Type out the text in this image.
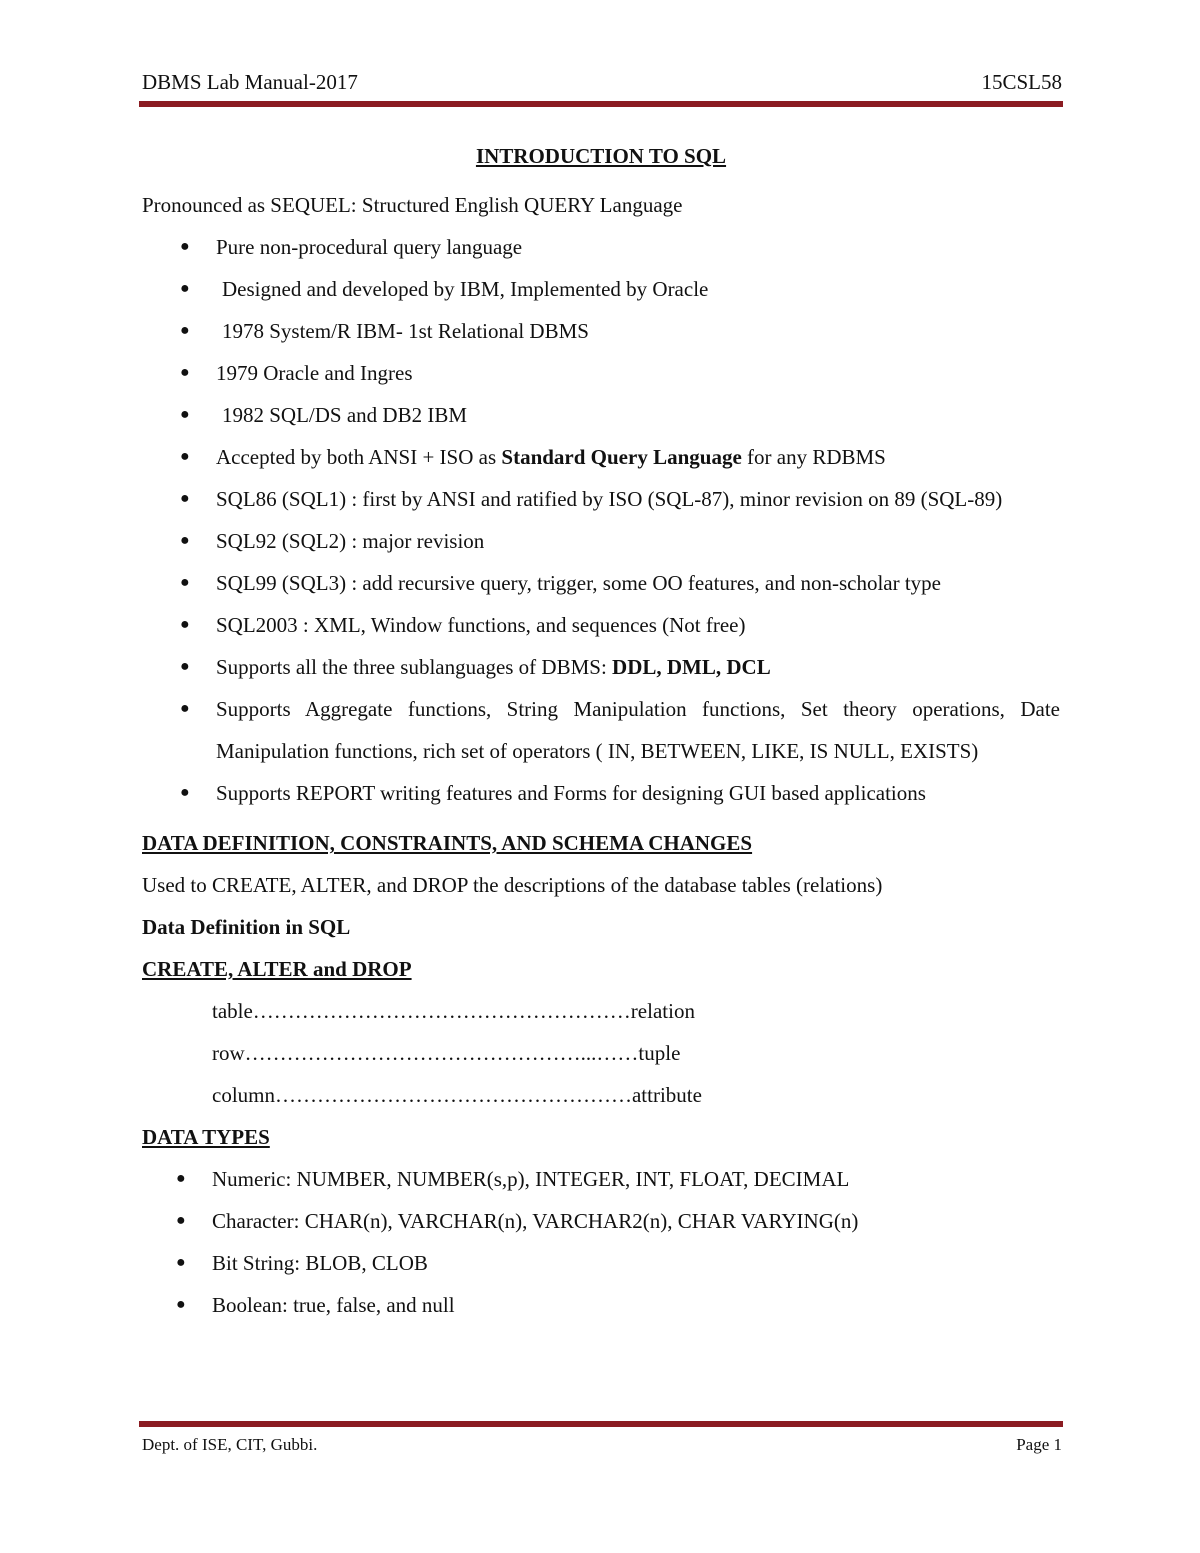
DBMS Lab Manual-2017	15CSL58
INTRODUCTION TO SQL

Pronounced as SEQUEL: Structured English QUERY Language

● Pure non-procedural query language
● Designed and developed by IBM, Implemented by Oracle
● 1978 System/R IBM- 1st Relational DBMS
● 1979 Oracle and Ingres
● 1982 SQL/DS and DB2 IBM
● Accepted by both ANSI + ISO as Standard Query Language for any RDBMS
● SQL86 (SQL1) : first by ANSI and ratified by ISO (SQL-87), minor revision on 89 (SQL-89)
● SQL92 (SQL2) : major revision
● SQL99 (SQL3) : add recursive query, trigger, some OO features, and non-scholar type
● SQL2003 : XML, Window functions, and sequences (Not free)
● Supports all the three sublanguages of DBMS: DDL, DML, DCL
● Supports Aggregate functions, String Manipulation functions, Set theory operations, Date Manipulation functions, rich set of operators ( IN, BETWEEN, LIKE, IS NULL, EXISTS)
● Supports REPORT writing features and Forms for designing GUI based applications

DATA DEFINITION, CONSTRAINTS, AND SCHEMA CHANGES

Used to CREATE, ALTER, and DROP the descriptions of the database tables (relations)

Data Definition in SQL

CREATE, ALTER and DROP

table………………………………………………relation

row…………………………………………...……tuple

column……………………………………………attribute

DATA TYPES

● Numeric: NUMBER, NUMBER(s,p), INTEGER, INT, FLOAT, DECIMAL
● Character: CHAR(n), VARCHAR(n), VARCHAR2(n), CHAR VARYING(n)
● Bit String: BLOB, CLOB
● Boolean: true, false, and null
Dept. of ISE, CIT, Gubbi.	Page 1
